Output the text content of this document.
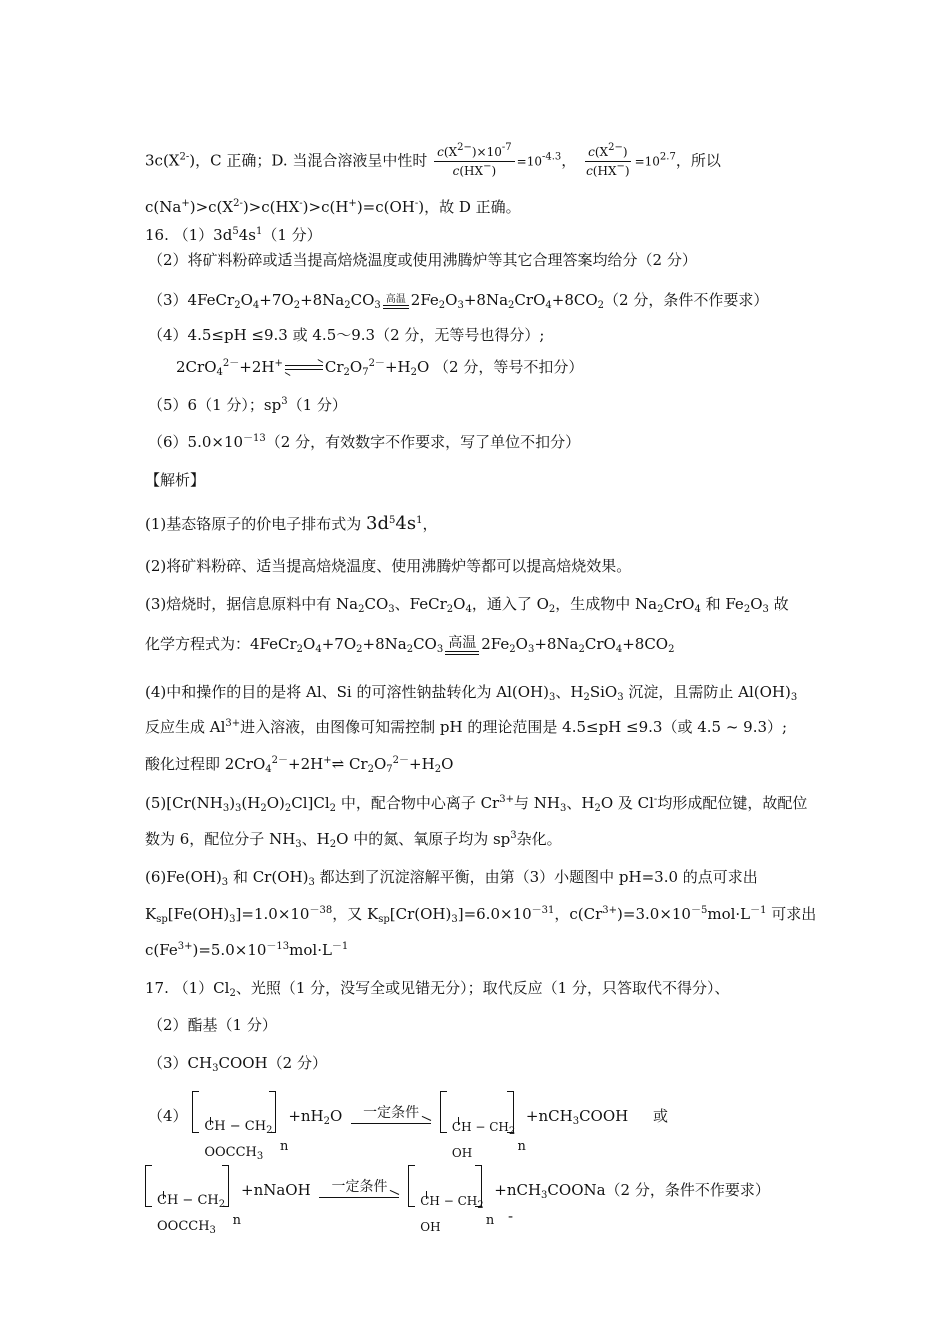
$3c(X^{2-})$，C 正确；D. 当混合溶液呈中性时 $\frac{c(X^{2-})\times 10^{-7}}{c(HX^-)} =10^{-4.3}$， $\frac{c(X^{2-})}{c(HX^-)} =10^{2.7}$，所以
$c(Na^+)>c(X^{2-})>c(HX^-)>c(H^+)=c(OH^-)$，故 D 正确。
16. $(1)3d^54s^1(1$ 分）
（2）将矿料粉碎或适当提高焙烧温度或使用沸腾炉等其它合理答案均给分（2 分）
$(3)4FeCr_2O_4+7O_2+8Na_2CO_3$
高温 $2Fe_2O_3+8Na_2CrO_4+8CO_2(2$ 分，条件不作要求）
（4）4.5≤pH ≤9.3 或 4.5～9.3（2 分，无等号也得分）;
2CrO$_4^{2-}$+2H+	$Cr_2O_7^{2-}+H_2O$ （2 分，等号不扣分）
（5）6（1 分）；$sp^3(1$ 分）
$(6)5.0\times 10^{-13}(2$ 分，有效数字不作要求，写了单位不扣分）
【解析】
(1)基态铬原子的价电子排布式为 $3d^54s^1$，
(2)将矿料粉碎、适当提高焙烧温度、使用沸腾炉等都可以提高焙烧效果。
(3)焙烧时，据信息原料中有 $Na_2CO_3$、$FeCr_2O_4$，通入了 $O_2$，生成物中 $Na_2CrO_4$ 和 $Fe_2O_3$ 故
化学方程式为：$4FeCr_2O_4+7O_2+8Na_2CO_3$ 高温 $2Fe_2O_3+8Na_2CrO_4+8CO_2$
(4)中和操作的目的是将 Al、Si 的可溶性钠盐转化为 $Al(OH)_3$、$H_2SiO_3$ 沉淀，且需防止 $Al(OH)_3$
反应生成 $Al^{3+}$进入溶液，由图像可知需控制 pH 的理论范围是 4.5≤pH ≤9.3（或 4.5 ~ 9.3）;
酸化过程即 2CrO$_4^{2-}$+2H+⇌ $Cr_2O_7^{2-}+H_2O$
$(5)[Cr(NH_3)_3(H_2O)_2Cl]Cl_2$ 中，配合物中心离子 $Cr^{3+}$与 $NH_3$、$H_2O$ 及 Cl-均形成配位键，故配位
数为 6，配位分子 $NH_3$、$H_2O$ 中的氮、氧原子均为 $sp^3$杂化。
$(6)Fe(OH)_3$ 和 $Cr(OH)_3$ 都达到了沉淀溶解平衡，由第（3）小题图中 pH=3.0 的点可求出
$K_{sp}[Fe(OH)_3]=1.0\times 10^{-38}$，又 $K_{sp}[Cr(OH)_3]=6.0\times 10^{-31}$，$c(Cr^{3+})=3.0\times 10^{-5}mol\cdot L^{-1}$ 可求出
$c(Fe^{3+})=5.0\times 10^{-13}mol\cdot L^{-1}$
17. $(1)Cl_2$、光照（1 分，没写全或见错无分）；取代反应（1 分，只答取代不得分）、
（2）酯基（1 分）
$(3)CH_3COOH(2$ 分）
（4）
CH − $CH_2$
$OOCCH_3$
n
$+nH_2O$ 一定条件

CH − $CH_2$
OH	n
+nCH$_3$COOH 或
CH − $CH_2$
$OOCCH_3$
n
+nNaOH 一定条件

CH − $CH_2$
OH	n
+nCH$_3$COONa（2 分，条件不作要求）
-
